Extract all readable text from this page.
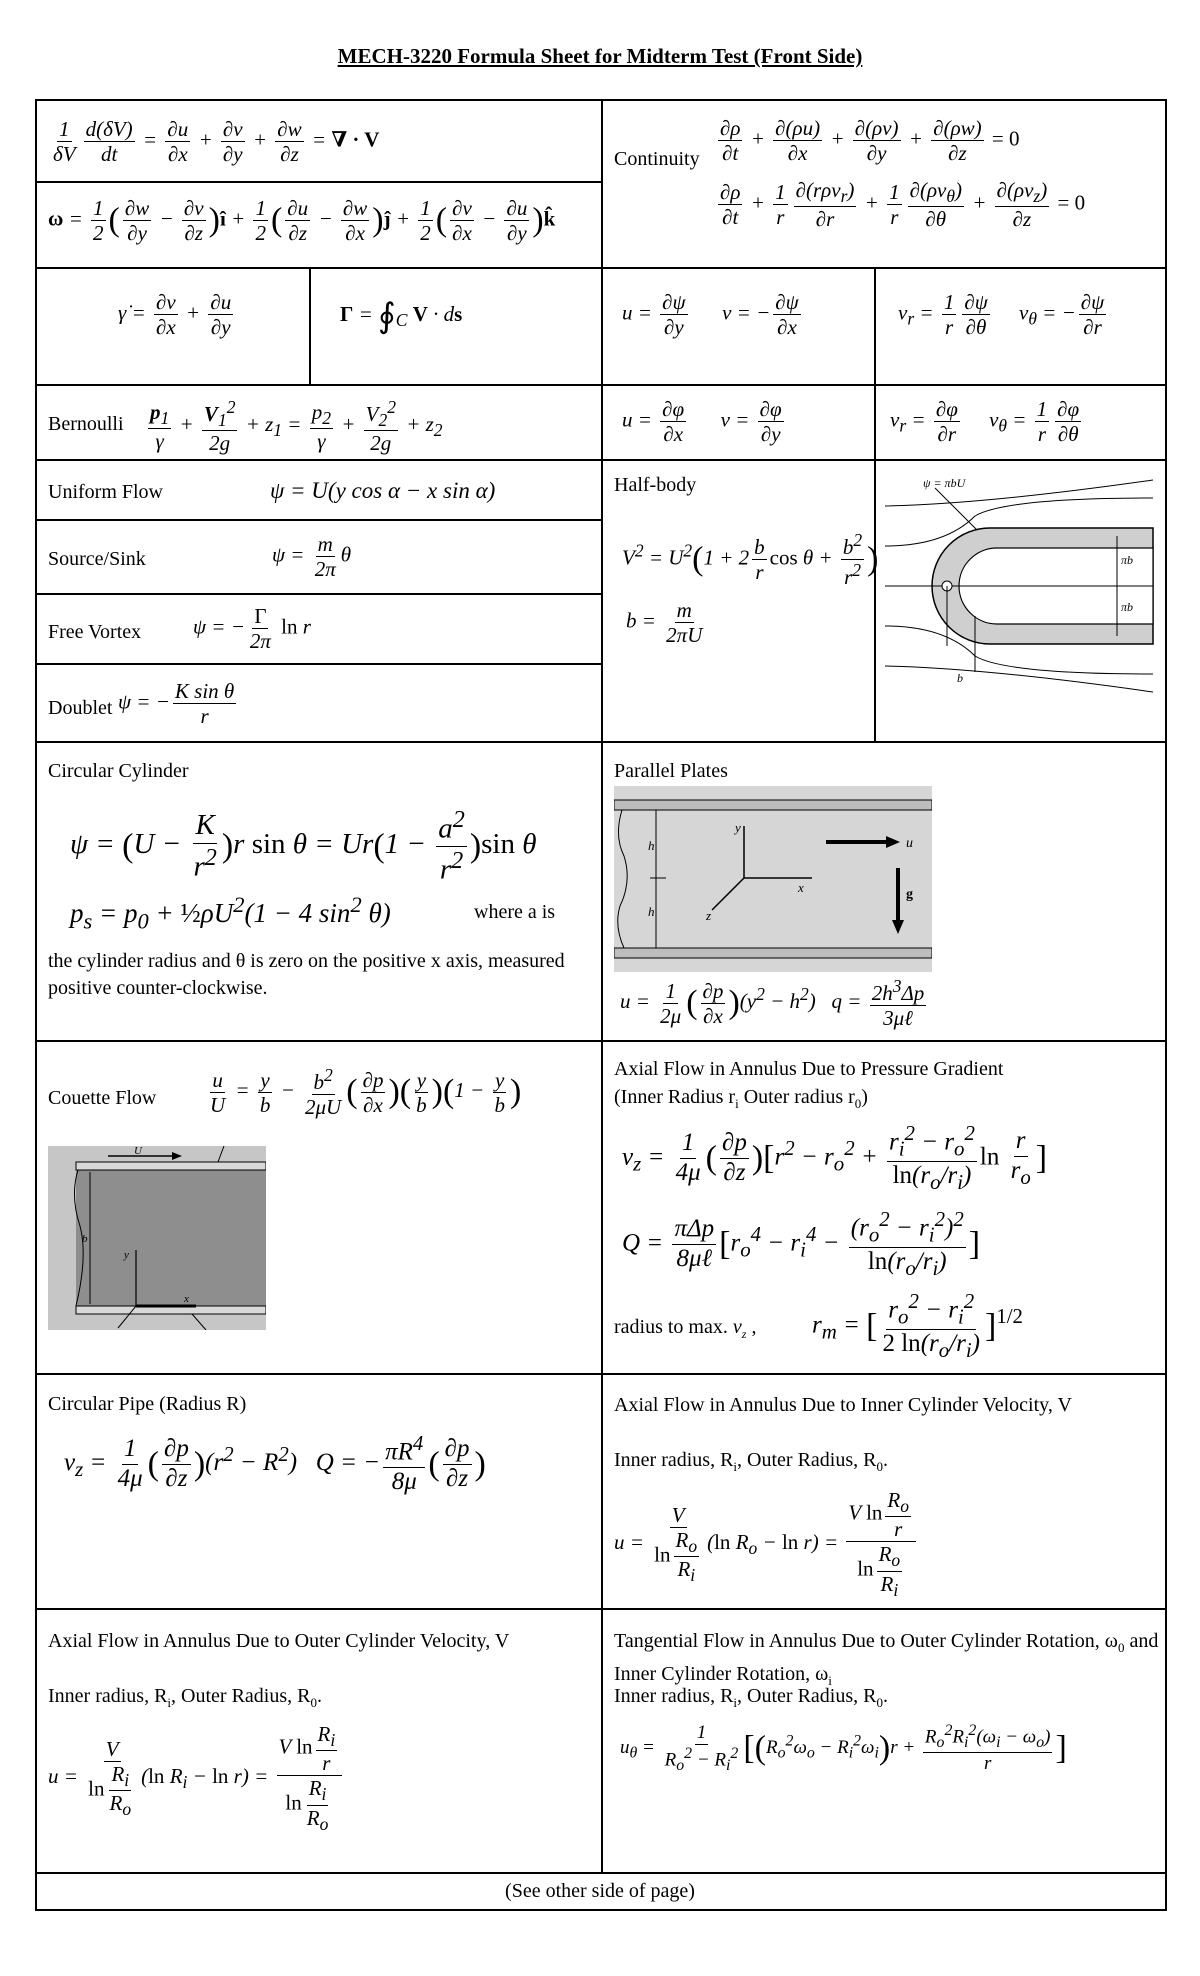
MECH-3220 Formula Sheet for Midterm Test (Front Side)
$\frac{1}{\delta V} \frac{d(\delta V)}{dt} = \frac{\partial u}{\partial x} + \frac{\partial v}{\partial y} + \frac{\partial w}{\partial z}$ = ∇ · V
$\omega = \frac{1}{2}$ ( $\frac{\partial w}{\partial y} - \frac{\partial v}{\partial z}$ )î + $\frac{1}{2}$ ( $\frac{\partial u}{\partial z} - \frac{\partial w}{\partial x}$ )ĵ + $\frac{1}{2}$ ( $\frac{\partial v}{\partial x} - \frac{\partial u}{\partial y}$ )k̂
Continuity $\frac{\partial\rho}{\partial t} + \frac{\partial(\rho u)}{\partial x} + \frac{\partial(\rho v)}{\partial y} + \frac{\partial(\rho w)}{\partial z} = 0$
$\frac{\partial\rho}{\partial t} + \frac{1}{r} \frac{\partial(r\rho v_r)}{\partial r} + \frac{1}{r} \frac{\partial(\rho v_\theta)}{\partial\theta} + \frac{\partial(\rho v_z)}{\partial z} = 0$
γ̇ = $\frac{\partial v}{\partial x} + \frac{\partial u}{\partial y}$	$\Gamma = ∮_C$ V · ds	$u = \frac{\partial\psi}{\partial y}$ v = − $\frac{\partial\psi}{\partial x}$	$v_r = \frac{1}{r} \frac{\partial\psi}{\partial\theta} v_\theta$ = − $\frac{\partial\psi}{\partial r}$
Bernoulli $\frac{p_1}{\gamma} + \frac{V_1^2}{2g} + z_1 = \frac{p_2}{\gamma} + \frac{V_2^2}{2g} + z_2$	$u = \frac{\partial\varphi}{\partial x}$ $v = \frac{\partial\varphi}{\partial y}$	$v_r = \frac{\partial\varphi}{\partial r} v_\theta = \frac{1}{r} \frac{\partial\varphi}{\partial\theta}$
Uniform Flow	ψ = U(y cos α − x sin α)
Source/Sink	$\psi = \frac{m}{2\pi}$ θ
Free Vortex ψ = − $\frac{\Gamma}{2\pi}$ ln r
Doublet ψ = − $\frac{\text{K sin θ}}{r}$
Half-body
$V^2 = U^2(1 + 2 \frac{b}{r}$ $\cos \theta + \frac{b^2}{r^2}$ )
$b = \frac{m}{2\pi U}$
ψ = πbU
πb
πb
b
Circular Cylinder
$\psi = (U - \frac{K}{r^2} )r$ $\sin \theta = Ur(1 - \frac{a^2}{r^2} )\sin$ θ
$p_s = p_0$ + $\frac{1}{2}\rho U^2(1 - 4$ $\sin^2 \theta$)	where a is
the cylinder radius and θ is zero on the positive x axis, measured positive counter-clockwise.
Parallel Plates
h
h
y
x
z
u
g
$u = \frac{1}{2\mu}$ ( $\frac{\partial p}{\partial x} )(y^2 - h^2)$   $q = \frac{2h^3\Delta p}{\text{3μℓ}}$
Couette Flow $\frac{u}{U} = \frac{y}{b} - \frac{b^2}{2\mu U}$ ( $\frac{\partial p}{\partial x}$ )( $\frac{y}{b} )(1 - \frac{y}{b}$ )
U
b
y
x
Axial Flow in Annulus Due to Pressure Gradient
(Inner Radius $r_i$ Outer radius $r_0$)
$v_z = \frac{1}{4\mu}$ ( $\frac{\partial p}{\partial z} )[r^2 - r_o^2 + \frac{r_i^2 - r_o^2}{\ln(r_o/r_i)}$ $\ln \frac{r}{r_o}$ ]
$Q = \frac{\text{πΔp}}{\text{8μℓ}} [r_o^4 - r_i^4 - \frac{(r_o^2 - r_i^2)^2}{\ln(r_o/r_i)}$ ]
radius to max. $v_z$ , $r_m$ = [ $\frac{r_o^2 - r_i^2}{2 \ln(r_o/r_i)} ]^{1/2}$
Circular Pipe (Radius R)
$v_z = \frac{1}{4\mu}$ ( $\frac{\partial p}{\partial z} )(r^2 - R^2)$   Q = − $\frac{\pi R^4}{8\mu}$ ( $\frac{\partial p}{\partial z}$ )
Axial Flow in Annulus Due to Inner Cylinder Velocity, V
Inner radius, $R_i$, Outer Radius, $R_0$.
$u = \frac{V}{\ln \frac{R_o}{R_i}} (\ln$ $R_o - \ln r) = \frac{V \ln \frac{R_o}{r}}{\ln \frac{R_o}{R_i}}$
Axial Flow in Annulus Due to Outer Cylinder Velocity, V
Inner radius, $R_i$, Outer Radius, $R_0$.
$u = \frac{V}{\ln \frac{R_i}{R_o}} (\ln$ $R_i - \ln r) = \frac{V \ln \frac{R_i}{r}}{\ln \frac{R_i}{R_o}}$
Tangential Flow in Annulus Due to Outer Cylinder Rotation, $\omega_0$ and Inner Cylinder Rotation, $\omega_i$
Inner radius, $R_i$, Outer Radius, $R_0$.
$u_\theta = \frac{1}{R_o^2 - R_i^2} [(R_o^2\omega_o - R_i^2\omega_i)r + \frac{R_o^2R_i^2(\omega_i - \omega_o)}{r}$ ]
(See other side of page)
